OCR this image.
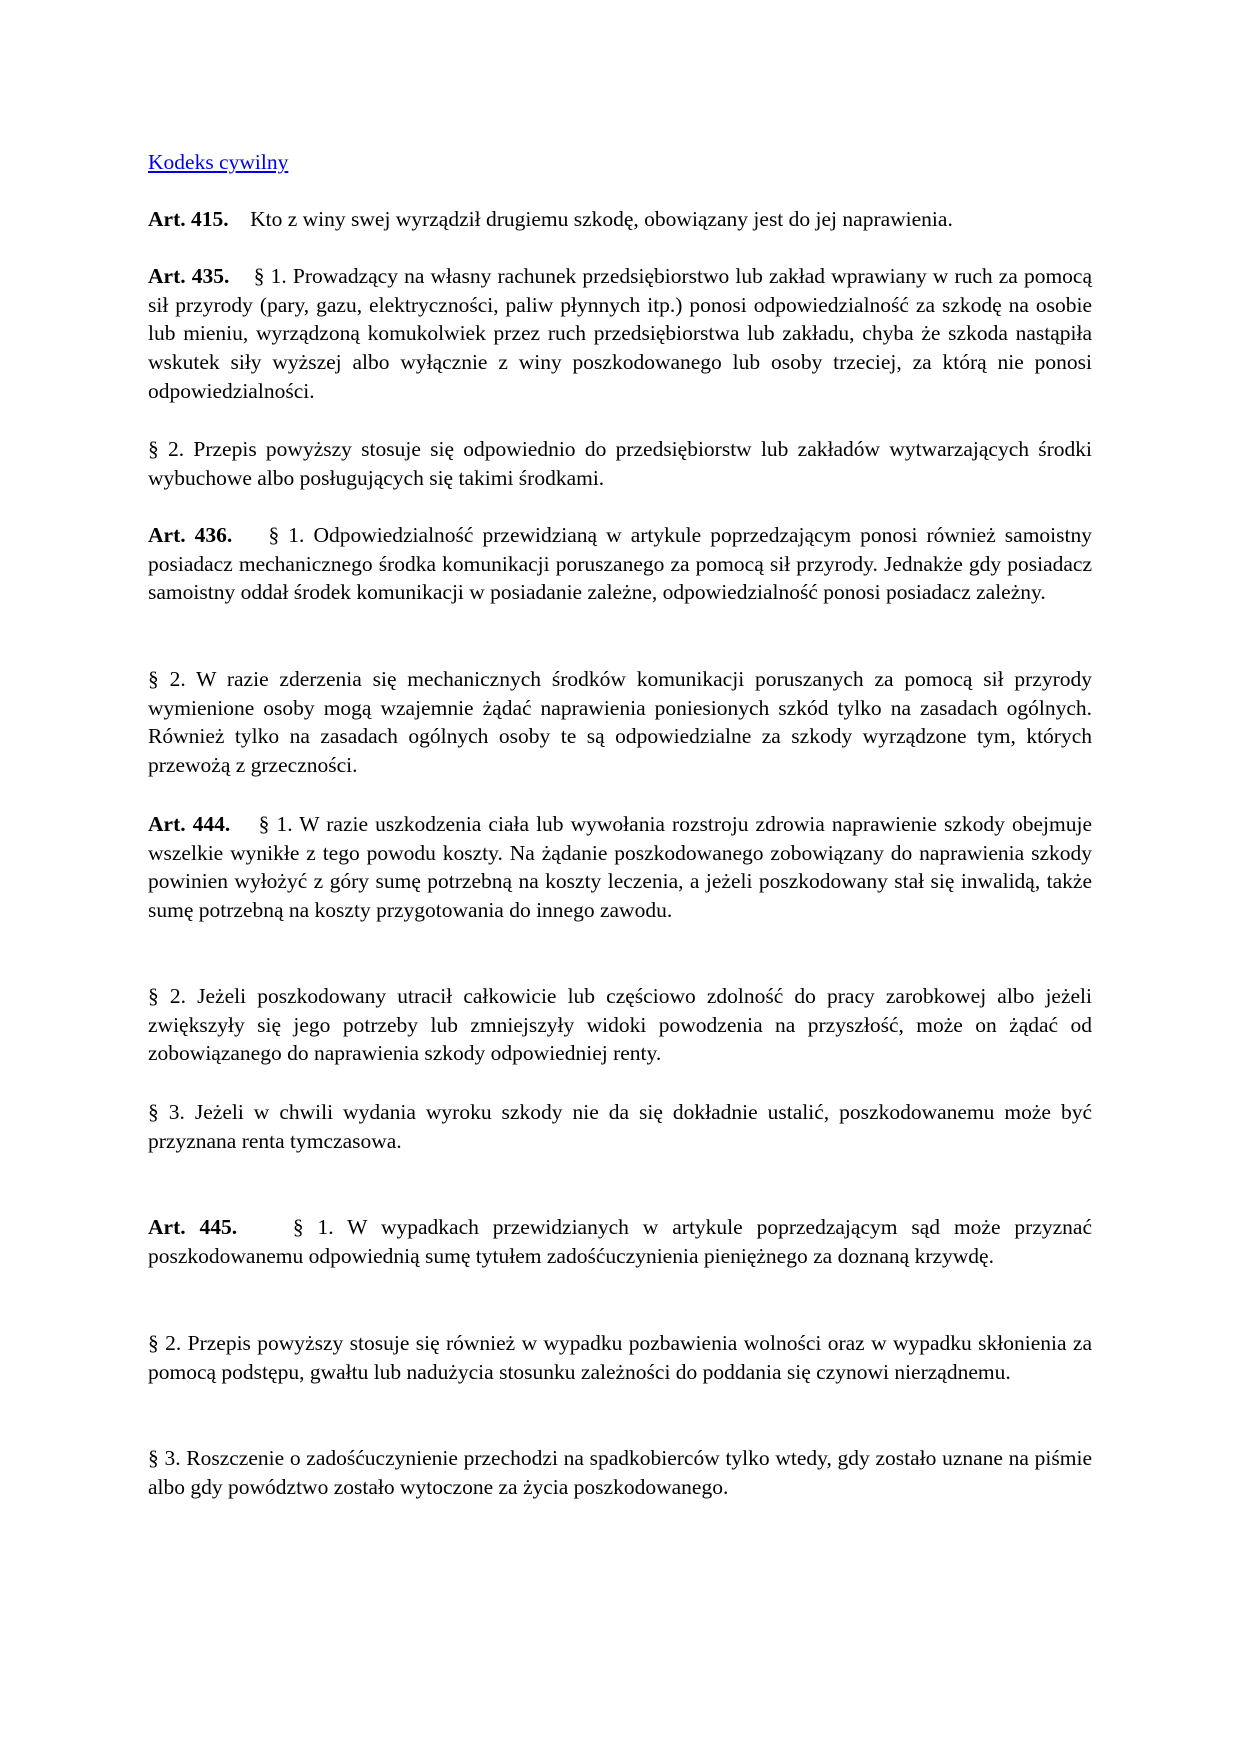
Kodeks cywilny
Art. 415. Kto z winy swej wyrządził drugiemu szkodę, obowiązany jest do jej naprawienia.
Art. 435. § 1. Prowadzący na własny rachunek przedsiębiorstwo lub zakład wprawiany w ruch za pomocą sił przyrody (pary, gazu, elektryczności, paliw płynnych itp.) ponosi odpowiedzialność za szkodę na osobie lub mieniu, wyrządzoną komukolwiek przez ruch przedsiębiorstwa lub zakładu, chyba że szkoda nastąpiła wskutek siły wyższej albo wyłącznie z winy poszkodowanego lub osoby trzeciej, za którą nie ponosi odpowiedzialności.
§ 2. Przepis powyższy stosuje się odpowiednio do przedsiębiorstw lub zakładów wytwarzających środki wybuchowe albo posługujących się takimi środkami.
Art. 436. § 1. Odpowiedzialność przewidzianą w artykule poprzedzającym ponosi również samoistny posiadacz mechanicznego środka komunikacji poruszanego za pomocą sił przyrody. Jednakże gdy posiadacz samoistny oddał środek komunikacji w posiadanie zależne, odpowiedzialność ponosi posiadacz zależny.
§ 2. W razie zderzenia się mechanicznych środków komunikacji poruszanych za pomocą sił przyrody wymienione osoby mogą wzajemnie żądać naprawienia poniesionych szkód tylko na zasadach ogólnych. Również tylko na zasadach ogólnych osoby te są odpowiedzialne za szkody wyrządzone tym, których przewożą z grzeczności.
Art. 444. § 1. W razie uszkodzenia ciała lub wywołania rozstroju zdrowia naprawienie szkody obejmuje wszelkie wynikłe z tego powodu koszty. Na żądanie poszkodowanego zobowiązany do naprawienia szkody powinien wyłożyć z góry sumę potrzebną na koszty leczenia, a jeżeli poszkodowany stał się inwalidą, także sumę potrzebną na koszty przygotowania do innego zawodu.
§ 2. Jeżeli poszkodowany utracił całkowicie lub częściowo zdolność do pracy zarobkowej albo jeżeli zwiększyły się jego potrzeby lub zmniejszyły widoki powodzenia na przyszłość, może on żądać od zobowiązanego do naprawienia szkody odpowiedniej renty.
§ 3. Jeżeli w chwili wydania wyroku szkody nie da się dokładnie ustalić, poszkodowanemu może być przyznana renta tymczasowa.
Art. 445.	§ 1. W wypadkach przewidzianych w artykule poprzedzającym sąd może przyznać poszkodowanemu odpowiednią sumę tytułem zadośćuczynienia pieniężnego za doznaną krzywdę.
§ 2. Przepis powyższy stosuje się również w wypadku pozbawienia wolności oraz w wypadku skłonienia za pomocą podstępu, gwałtu lub nadużycia stosunku zależności do poddania się czynowi nierządnemu.
§ 3. Roszczenie o zadośćuczynienie przechodzi na spadkobierców tylko wtedy, gdy zostało uznane na piśmie albo gdy powództwo zostało wytoczone za życia poszkodowanego.
